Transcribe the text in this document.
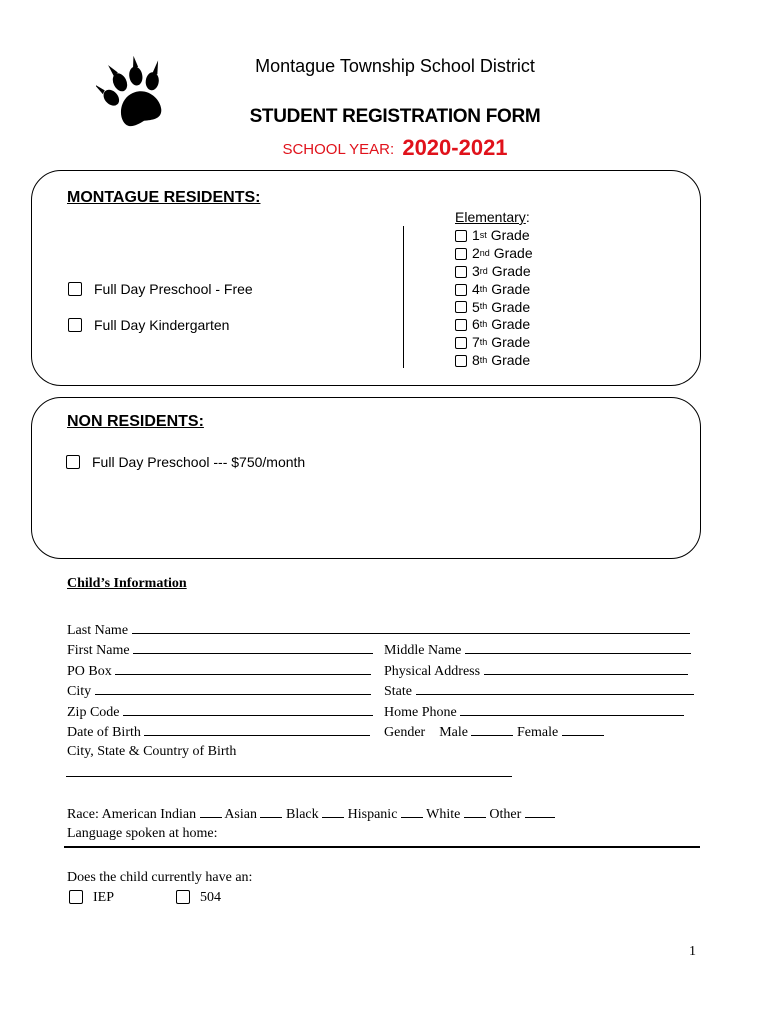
Montague Township School District
STUDENT REGISTRATION FORM
SCHOOL YEAR: 2020-2021
MONTAGUE RESIDENTS:
Full Day Preschool - Free
Full Day Kindergarten
Elementary:
1st
Grade
2nd
Grade
3rd
Grade
4th
Grade
5th
Grade
6th
Grade
7th
Grade
8th
Grade
NON RESIDENTS:
Full Day Preschool --- $750/month
Child’s Information
Last Name
First Name	Middle Name
PO Box	Physical Address
City	State
Zip Code	Home Phone
Date of Birth	Gender Male	Female
City, State & Country of Birth
Race: American Indian Asian Black Hispanic White Other
Language spoken at home:
Does the child currently have an:
IEP	504
1
